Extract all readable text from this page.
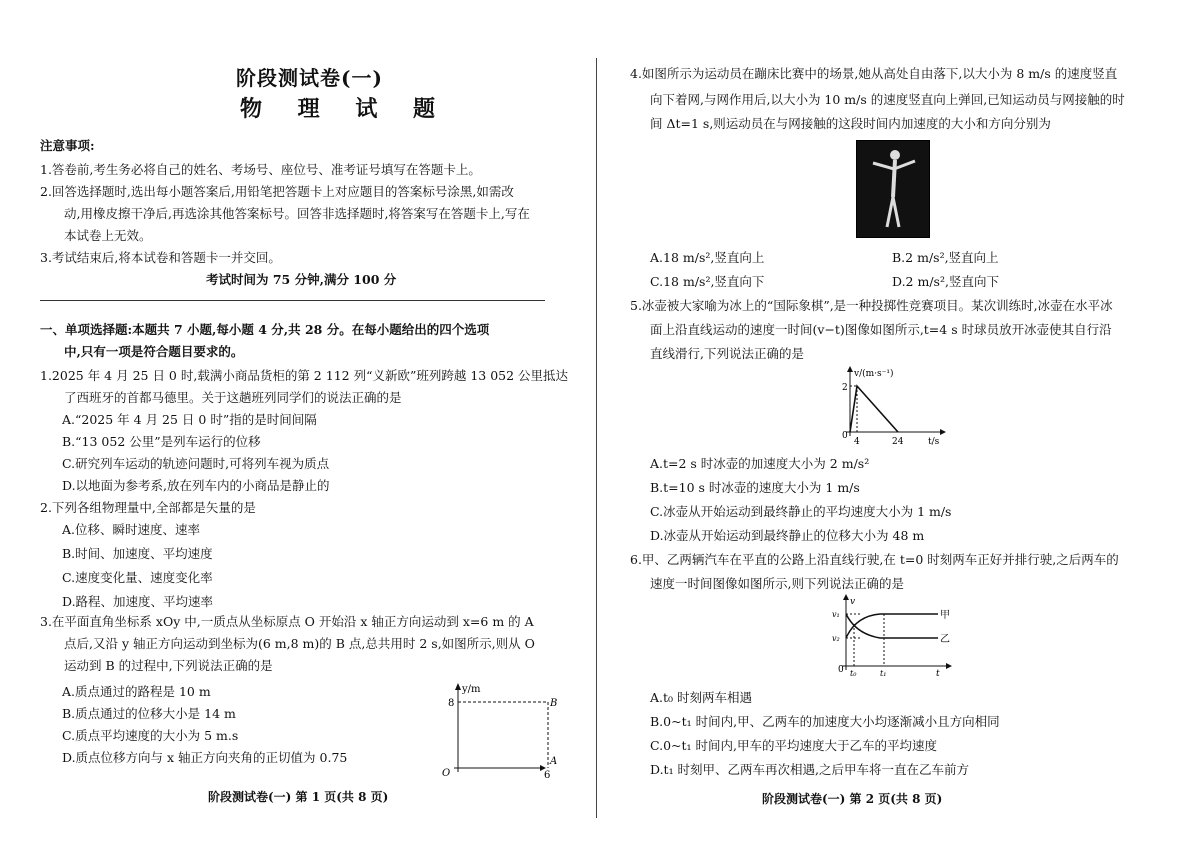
阶段测试卷(一)
物 理 试 题
注意事项:
1.答卷前,考生务必将自己的姓名、考场号、座位号、准考证号填写在答题卡上。
2.回答选择题时,选出每小题答案后,用铅笔把答题卡上对应题目的答案标号涂黑,如需改
动,用橡皮擦干净后,再选涂其他答案标号。回答非选择题时,将答案写在答题卡上,写在
本试卷上无效。
3.考试结束后,将本试卷和答题卡一并交回。
考试时间为 75 分钟,满分 100 分
一、单项选择题:本题共 7 小题,每小题 4 分,共 28 分。在每小题给出的四个选项
中,只有一项是符合题目要求的。
1.2025 年 4 月 25 日 0 时,载满小商品货柜的第 2 112 列“义新欧”班列跨越 13 052 公里抵达
了西班牙的首都马德里。关于这趟班列同学们的说法正确的是
A.“2025 年 4 月 25 日 0 时”指的是时间间隔
B.“13 052 公里”是列车运行的位移
C.研究列车运动的轨迹问题时,可将列车视为质点
D.以地面为参考系,放在列车内的小商品是静止的
2.下列各组物理量中,全部都是矢量的是
A.位移、瞬时速度、速率
B.时间、加速度、平均速度
C.速度变化量、速度变化率
D.路程、加速度、平均速率
3.在平面直角坐标系 xOy 中,一质点从坐标原点 O 开始沿 x 轴正方向运动到 x=6 m 的 A
点后,又沿 y 轴正方向运动到坐标为(6 m,8 m)的 B 点,总共用时 2 s,如图所示,则从 O
运动到 B 的过程中,下列说法正确的是
A.质点通过的路程是 10 m
B.质点通过的位移大小是 14 m
C.质点平均速度的大小为 5 m.s
D.质点位移方向与 x 轴正方向夹角的正切值为 0.75
y/m
8	B
A
O	6
阶段测试卷(一) 第 1 页(共 8 页)
4.如图所示为运动员在蹦床比赛中的场景,她从高处自由落下,以大小为 8 m/s 的速度竖直
向下着网,与网作用后,以大小为 10 m/s 的速度竖直向上弹回,已知运动员与网接触的时
间 Δt=1 s,则运动员在与网接触的这段时间内加速度的大小和方向分别为
A.18 m/s²,竖直向上	B.2 m/s²,竖直向上
C.18 m/s²,竖直向下	D.2 m/s²,竖直向下
5.冰壶被大家喻为冰上的“国际象棋”,是一种投掷性竞赛项目。某次训练时,冰壶在水平冰
面上沿直线运动的速度一时间(v−t)图像如图所示,t=4 s 时球员放开冰壶使其自行沿
直线滑行,下列说法正确的是
v/(m·s⁻¹)
2
0
4	24	t/s
A.t=2 s 时冰壶的加速度大小为 2 m/s²
B.t=10 s 时冰壶的速度大小为 1 m/s
C.冰壶从开始运动到最终静止的平均速度大小为 1 m/s
D.冰壶从开始运动到最终静止的位移大小为 48 m
6.甲、乙两辆汽车在平直的公路上沿直线行驶,在 t=0 时刻两车正好并排行驶,之后两车的
速度一时间图像如图所示,则下列说法正确的是
v
v₁
v₂
甲
乙
0 t₀	t₁	t
A.t₀ 时刻两车相遇
B.0~t₁ 时间内,甲、乙两车的加速度大小均逐渐减小且方向相同
C.0~t₁ 时间内,甲车的平均速度大于乙车的平均速度
D.t₁ 时刻甲、乙两车再次相遇,之后甲车将一直在乙车前方
阶段测试卷(一) 第 2 页(共 8 页)
